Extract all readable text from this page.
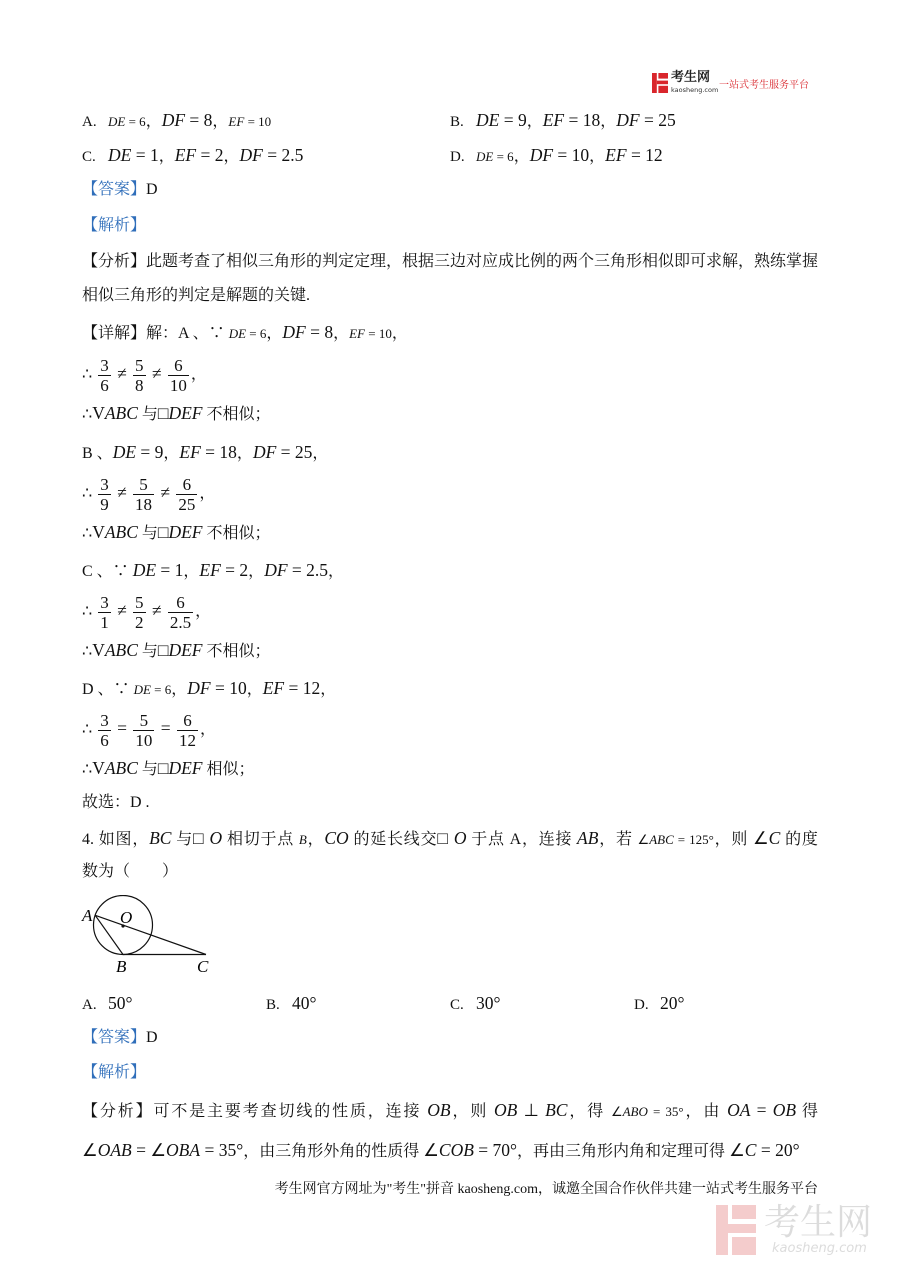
考生网
kaosheng.com 一站式考生服务平台
A. DE = 6，DF = 8，EF = 10	B. DE = 9，EF = 18，DF = 25
C. DE = 1，EF = 2，DF = 2.5	D. DE = 6，DF = 10，EF = 12
【答案】D
【解析】
【分析】此题考查了相似三角形的判定定理，根据三边对应成比例的两个三角形相似即可求解，熟练掌握
相似三角形的判定是解题的关键.
【详解】解：A 、∵ DE = 6，DF = 8，EF = 10，
∴ $\frac{3}{6} \ne \frac{5}{8} \ne \frac{6}{10}$ ，
∴VABC 与□DEF 不相似；
B 、DE = 9，EF = 18，DF = 25，
∴ $\frac{3}{9} \ne \frac{5}{18} \ne \frac{6}{25}$ ，
∴VABC 与□DEF 不相似；
C 、∵ DE = 1，EF = 2，DF = 2.5，
∴ $\frac{3}{1} \ne \frac{5}{2} \ne \frac{6}{2.5}$ ，
∴VABC 与□DEF 不相似；
D 、∵ DE = 6，DF = 10，EF = 12，
∴ $\frac{3}{6} = \frac{5}{10} = \frac{6}{12}$ ，
∴VABC 与□DEF 相似；
故选：D .
4. 如图，BC 与□ O 相切于点 B，CO 的延长线交□ O 于点 A，连接 AB，若 ∠ABC = 125°，则 ∠C 的度
数为（　　）
A O
B	C
A. 50°	B. 40°	C. 30°	D. 20°
【答案】D
【解析】
【分析】可不是主要考查切线的性质，连接 OB，则 OB ⊥ BC，得 ∠ABO = 35°，由 OA = OB 得
∠OAB = ∠OBA = 35°，由三角形外角的性质得 ∠COB = 70°，再由三角形内角和定理可得 ∠C = 20°
考生网官方网址为"考生"拼音 kaosheng.com，诚邀全国合作伙伴共建一站式考生服务平台
考生网
kaosheng.com
